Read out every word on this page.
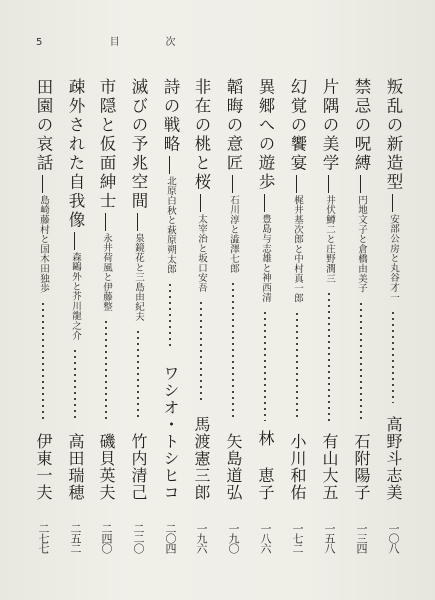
5	目　次
叛乱の新造型
安部公房と丸谷才一
高野斗志美
一〇八
禁忌の呪縛
円地文子と倉橋由美子
石附陽子
一三四
片隅の美学
井伏鱒二と庄野潤三
有山大五
一五八
幻覚の饗宴
梶井基次郎と中村真一郎
小川和佑
一七二
異郷への遊歩
豊島与志雄と神西清
林 恵子
一八六
韜晦の意匠
石川淳と澁澤七郎
矢島道弘
一九〇
非在の桃と桜
太宰治と坂口安吾
馬渡憲三郎
一九六
詩の戦略
北原白秋と萩原朔太郎
ワシオ・トシヒコ
二〇四
滅びの予兆空間
泉鏡花と三島由紀夫
竹内清己
二二〇
市隠と仮面紳士
永井荷風と伊藤整
磯貝英夫
二四〇
疎外された自我像
森鷗外と芥川龍之介
高田瑞穂
二五二
田園の哀話
島崎藤村と国木田独歩
伊東一夫
二七七
